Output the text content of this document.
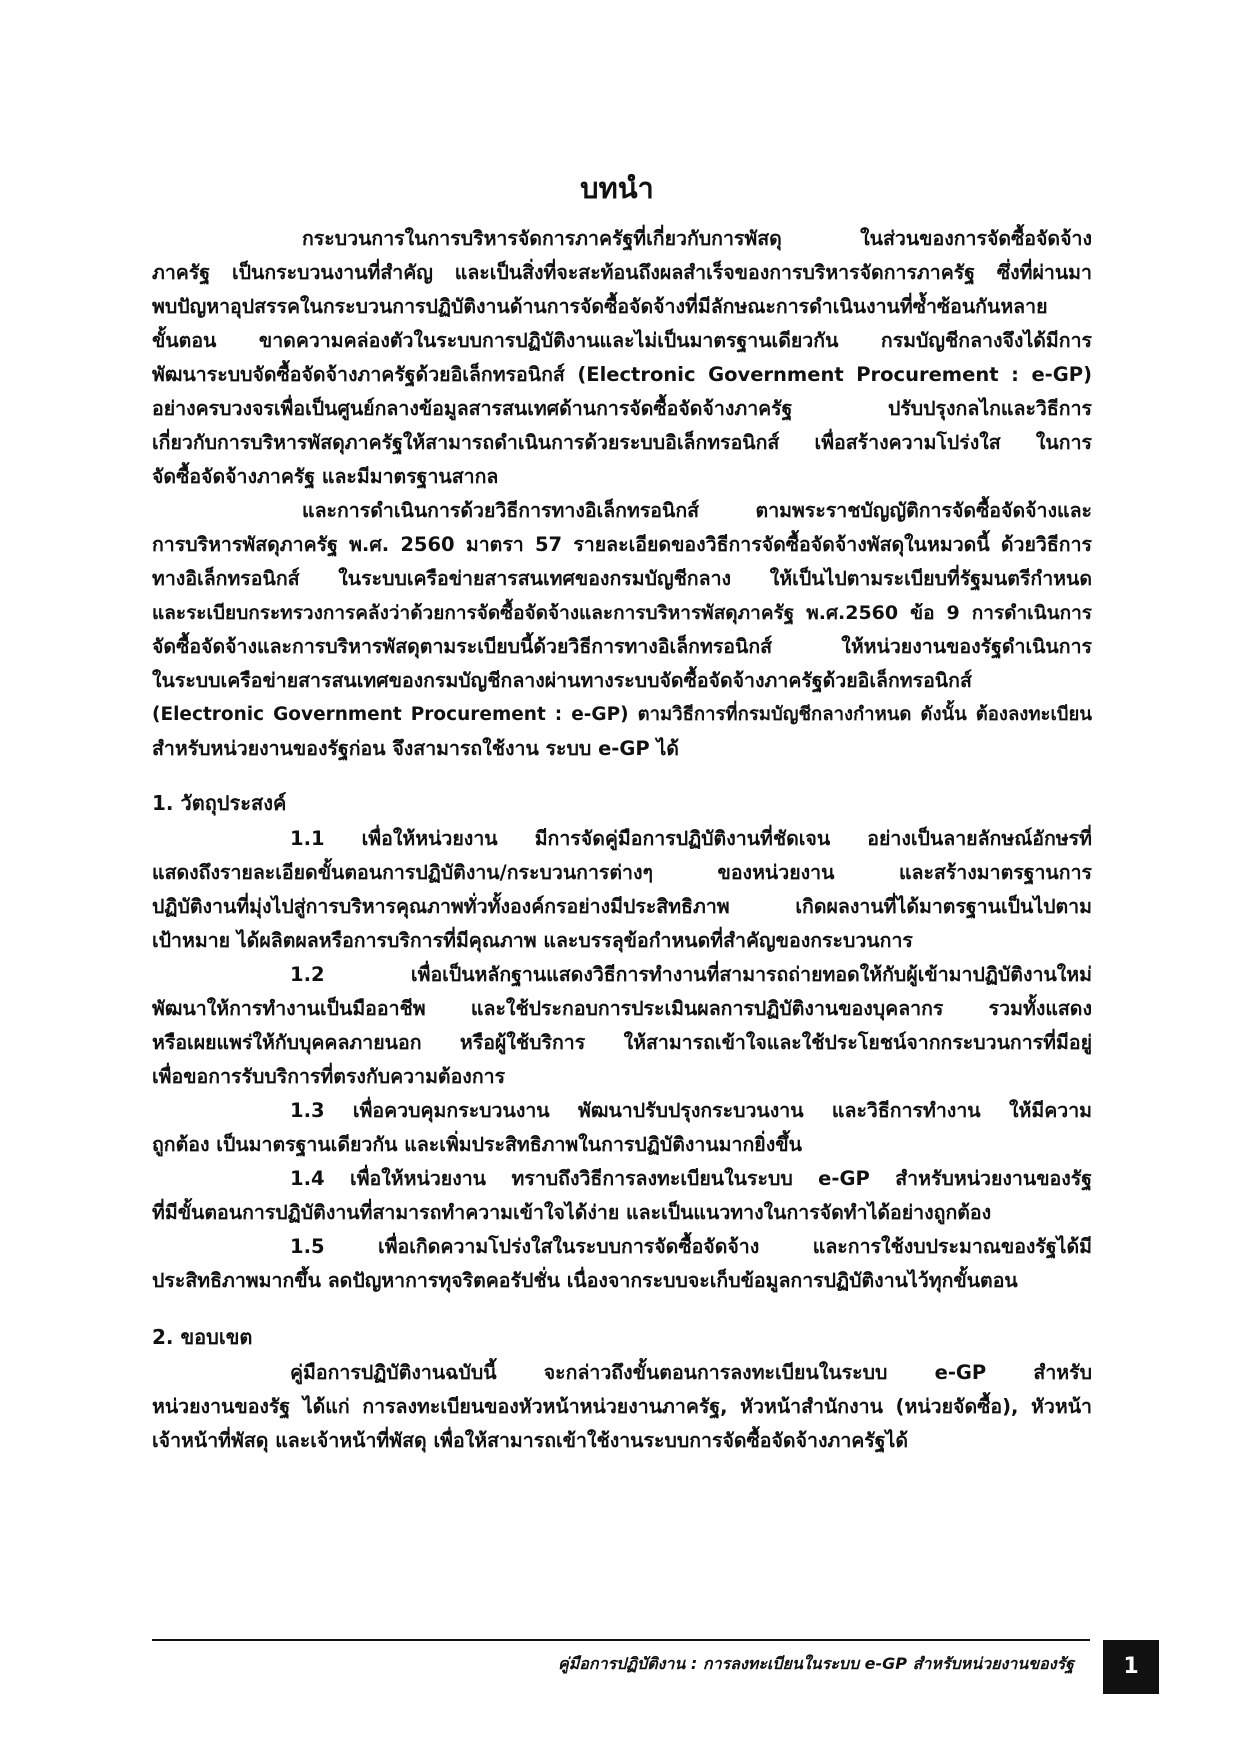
บทนำ
กระบวนการในการบริหารจัดการภาครัฐที่เกี่ยวกับการพัสดุ ในส่วนของการจัดซื้อจัดจ้าง
ภาครัฐ เป็นกระบวนงานที่สำคัญ และเป็นสิ่งที่จะสะท้อนถึงผลสำเร็จของการบริหารจัดการภาครัฐ ซึ่งที่ผ่านมา
พบปัญหาอุปสรรคในกระบวนการปฏิบัติงานด้านการจัดซื้อจัดจ้างที่มีลักษณะการดำเนินงานที่ซ้ำซ้อนกันหลาย
ขั้นตอน ขาดความคล่องตัวในระบบการปฏิบัติงานและไม่เป็นมาตรฐานเดียวกัน กรมบัญชีกลางจึงได้มีการ
พัฒนาระบบจัดซื้อจัดจ้างภาครัฐด้วยอิเล็กทรอนิกส์ (Electronic Government Procurement : e-GP)
อย่างครบวงจรเพื่อเป็นศูนย์กลางข้อมูลสารสนเทศด้านการจัดซื้อจัดจ้างภาครัฐ ปรับปรุงกลไกและวิธีการ
เกี่ยวกับการบริหารพัสดุภาครัฐให้สามารถดำเนินการด้วยระบบอิเล็กทรอนิกส์ เพื่อสร้างความโปร่งใส ในการ
จัดซื้อจัดจ้างภาครัฐ และมีมาตรฐานสากล
และการดำเนินการด้วยวิธีการทางอิเล็กทรอนิกส์ ตามพระราชบัญญัติการจัดซื้อจัดจ้างและ
การบริหารพัสดุภาครัฐ พ.ศ. 2560 มาตรา 57 รายละเอียดของวิธีการจัดซื้อจัดจ้างพัสดุในหมวดนี้ ด้วยวิธีการ
ทางอิเล็กทรอนิกส์ ในระบบเครือข่ายสารสนเทศของกรมบัญชีกลาง ให้เป็นไปตามระเบียบที่รัฐมนตรีกำหนด
และระเบียบกระทรวงการคลังว่าด้วยการจัดซื้อจัดจ้างและการบริหารพัสดุภาครัฐ พ.ศ.2560 ข้อ 9 การดำเนินการ
จัดซื้อจัดจ้างและการบริหารพัสดุตามระเบียบนี้ด้วยวิธีการทางอิเล็กทรอนิกส์ ให้หน่วยงานของรัฐดำเนินการ
ในระบบเครือข่ายสารสนเทศของกรมบัญชีกลางผ่านทางระบบจัดซื้อจัดจ้างภาครัฐด้วยอิเล็กทรอนิกส์
(Electronic Government Procurement : e-GP) ตามวิธีการที่กรมบัญชีกลางกำหนด ดังนั้น ต้องลงทะเบียน
สำหรับหน่วยงานของรัฐก่อน จึงสามารถใช้งาน ระบบ e-GP ได้
1. วัตถุประสงค์
1.1 เพื่อให้หน่วยงาน มีการจัดคู่มือการปฏิบัติงานที่ชัดเจน อย่างเป็นลายลักษณ์อักษรที่
แสดงถึงรายละเอียดขั้นตอนการปฏิบัติงาน/กระบวนการต่างๆ ของหน่วยงาน และสร้างมาตรฐานการ
ปฏิบัติงานที่มุ่งไปสู่การบริหารคุณภาพทั่วทั้งองค์กรอย่างมีประสิทธิภาพ เกิดผลงานที่ได้มาตรฐานเป็นไปตาม
เป้าหมาย ได้ผลิตผลหรือการบริการที่มีคุณภาพ และบรรลุข้อกำหนดที่สำคัญของกระบวนการ
1.2 เพื่อเป็นหลักฐานแสดงวิธีการทำงานที่สามารถถ่ายทอดให้กับผู้เข้ามาปฏิบัติงานใหม่
พัฒนาให้การทำงานเป็นมืออาชีพ และใช้ประกอบการประเมินผลการปฏิบัติงานของบุคลากร รวมทั้งแสดง
หรือเผยแพร่ให้กับบุคคลภายนอก หรือผู้ใช้บริการ ให้สามารถเข้าใจและใช้ประโยชน์จากกระบวนการที่มีอยู่
เพื่อขอการรับบริการที่ตรงกับความต้องการ
1.3 เพื่อควบคุมกระบวนงาน พัฒนาปรับปรุงกระบวนงาน และวิธีการทำงาน ให้มีความ
ถูกต้อง เป็นมาตรฐานเดียวกัน และเพิ่มประสิทธิภาพในการปฏิบัติงานมากยิ่งขึ้น
1.4 เพื่อให้หน่วยงาน ทราบถึงวิธีการลงทะเบียนในระบบ e-GP สำหรับหน่วยงานของรัฐ
ที่มีขั้นตอนการปฏิบัติงานที่สามารถทำความเข้าใจได้ง่าย และเป็นแนวทางในการจัดทำได้อย่างถูกต้อง
1.5 เพื่อเกิดความโปร่งใสในระบบการจัดซื้อจัดจ้าง และการใช้งบประมาณของรัฐได้มี
ประสิทธิภาพมากขึ้น ลดปัญหาการทุจริตคอรัปชั่น เนื่องจากระบบจะเก็บข้อมูลการปฏิบัติงานไว้ทุกขั้นตอน
2. ขอบเขต
คู่มือการปฏิบัติงานฉบับนี้ จะกล่าวถึงขั้นตอนการลงทะเบียนในระบบ e-GP สำหรับ
หน่วยงานของรัฐ ได้แก่ การลงทะเบียนของหัวหน้าหน่วยงานภาครัฐ, หัวหน้าสำนักงาน (หน่วยจัดซื้อ), หัวหน้า
เจ้าหน้าที่พัสดุ และเจ้าหน้าที่พัสดุ เพื่อให้สามารถเข้าใช้งานระบบการจัดซื้อจัดจ้างภาครัฐได้
คู่มือการปฏิบัติงาน : การลงทะเบียนในระบบ e-GP สำหรับหน่วยงานของรัฐ	1
